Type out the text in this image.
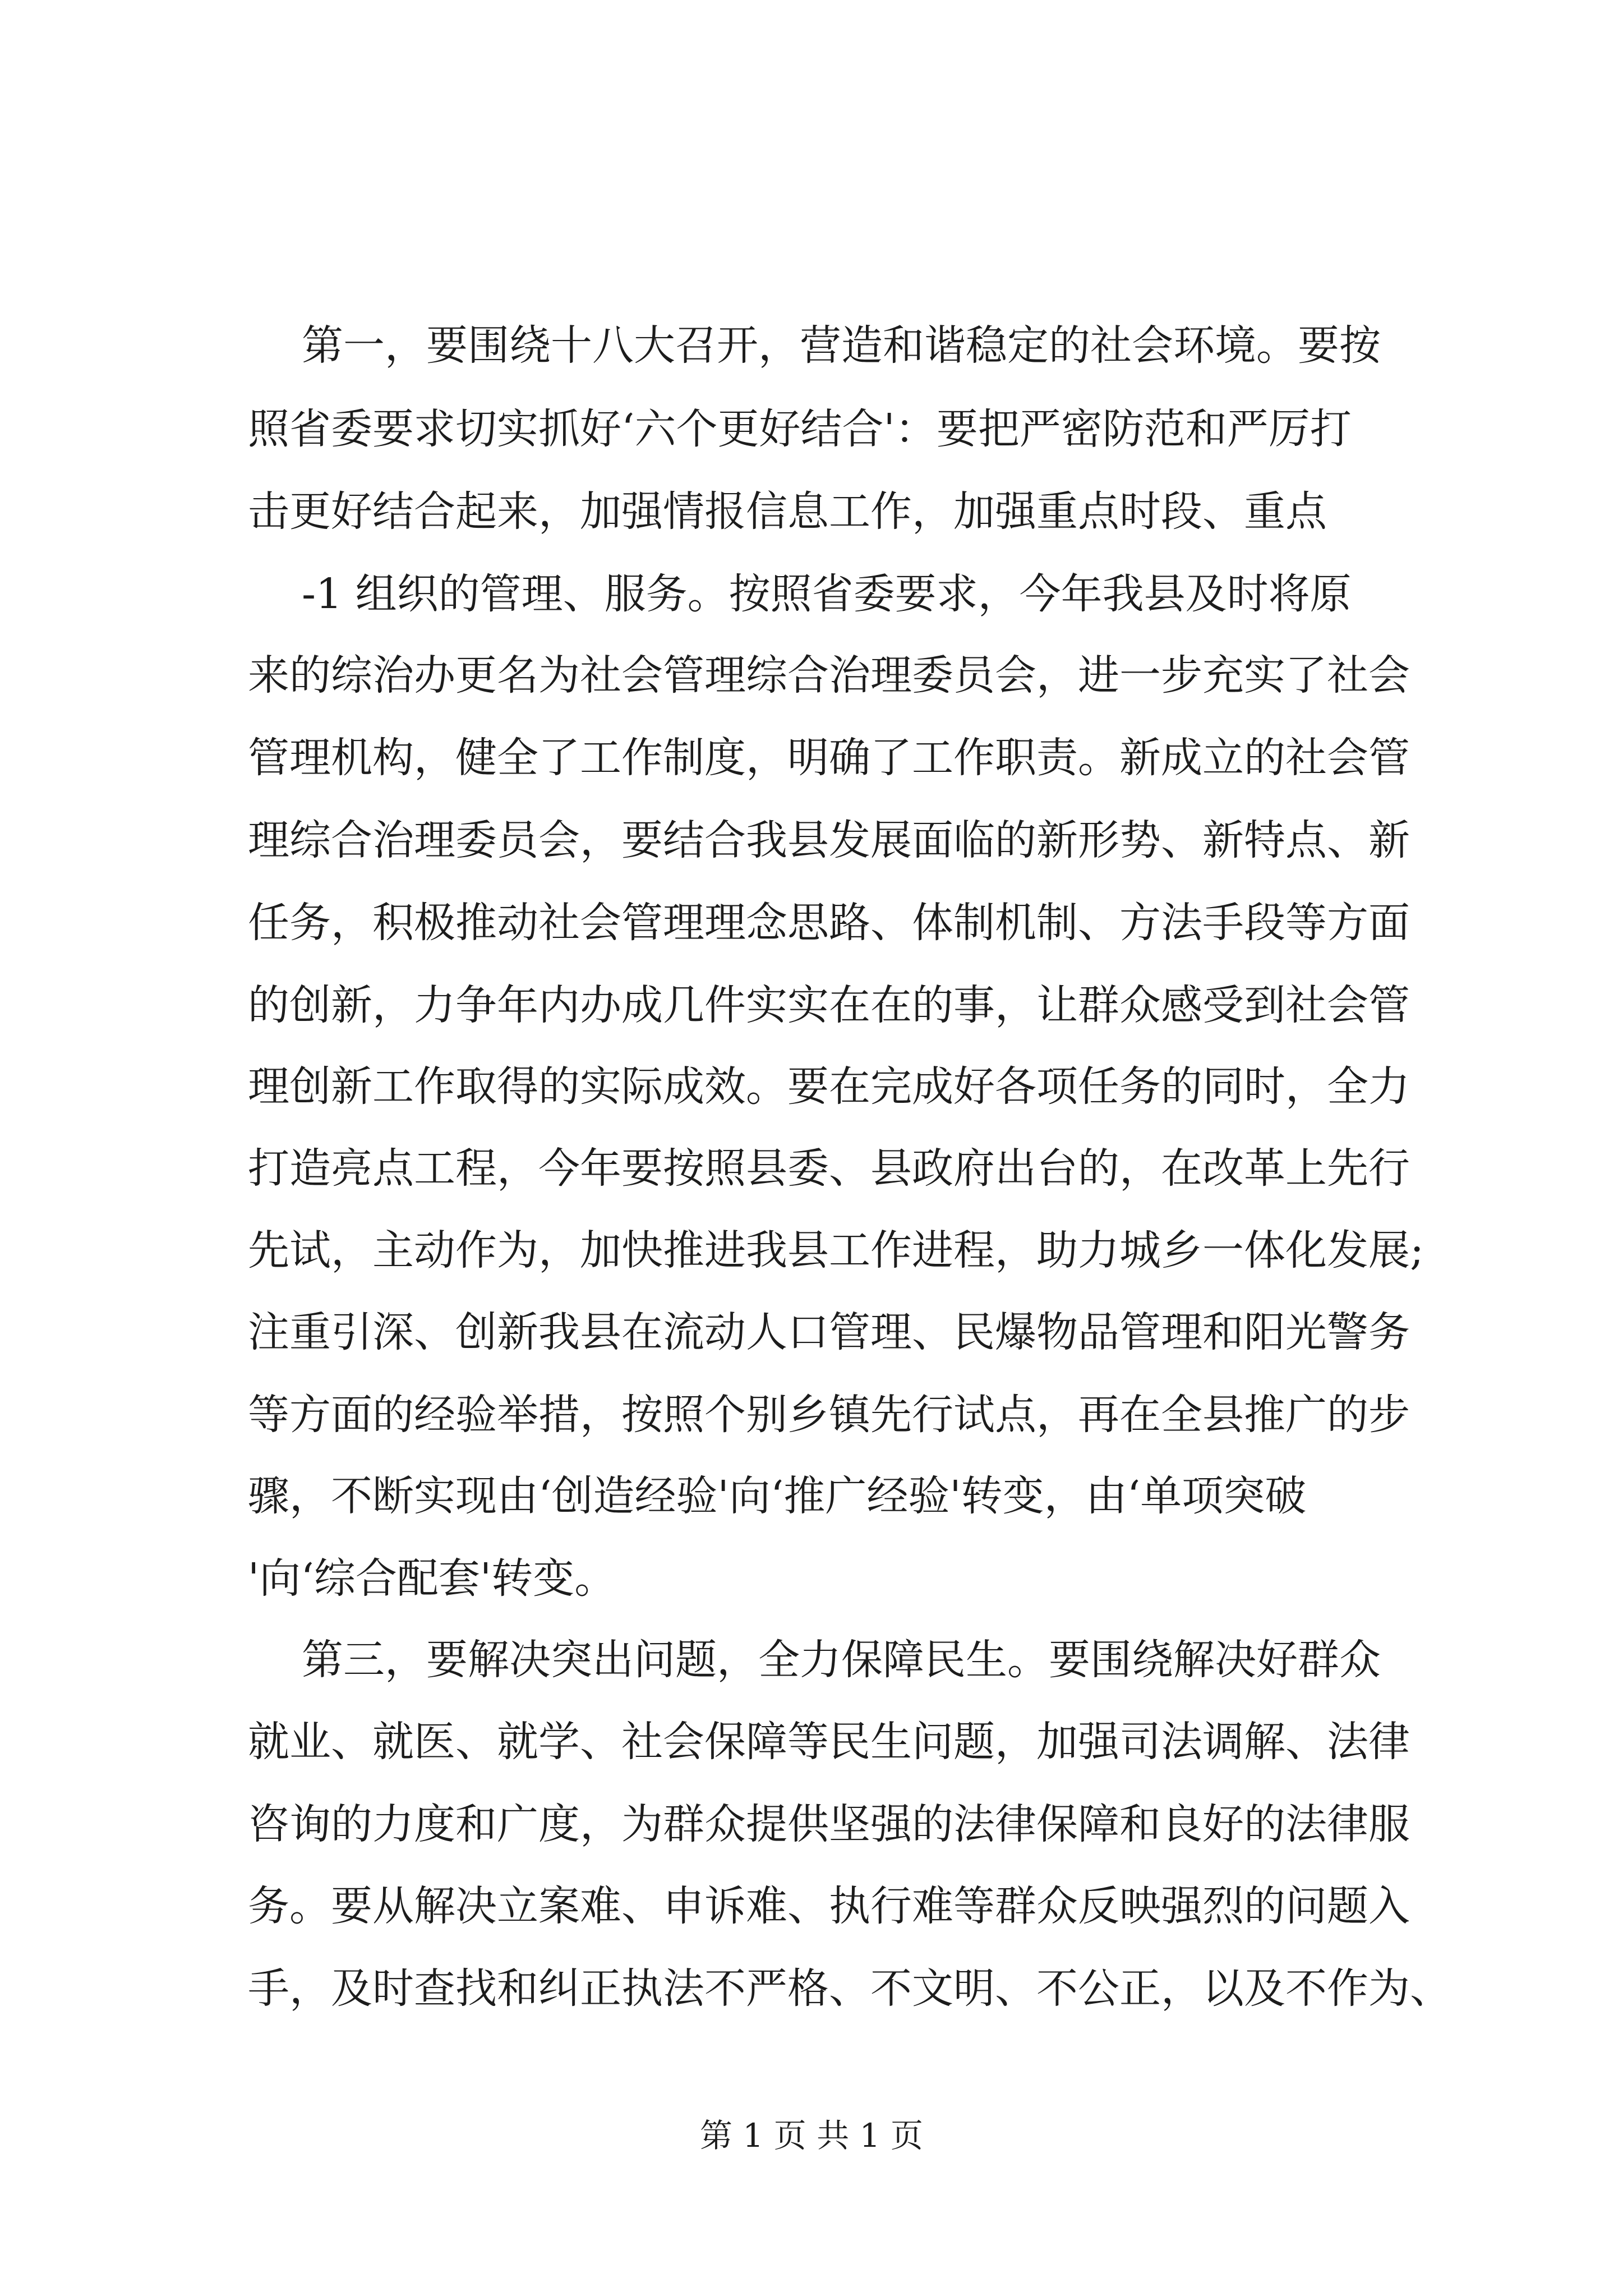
第一，要围绕十八大召开，营造和谐稳定的社会环境。要按
照省委要求切实抓好‘六个更好结合'：要把严密防范和严厉打
击更好结合起来，加强情报信息工作，加强重点时段、重点
-1 组织的管理、服务。按照省委要求，今年我县及时将原
来的综治办更名为社会管理综合治理委员会，进一步充实了社会
管理机构，健全了工作制度，明确了工作职责。新成立的社会管
理综合治理委员会，要结合我县发展面临的新形势、新特点、新
任务，积极推动社会管理理念思路、体制机制、方法手段等方面
的创新，力争年内办成几件实实在在的事，让群众感受到社会管
理创新工作取得的实际成效。要在完成好各项任务的同时，全力
打造亮点工程，今年要按照县委、县政府出台的，在改革上先行
先试，主动作为，加快推进我县工作进程，助力城乡一体化发展;
注重引深、创新我县在流动人口管理、民爆物品管理和阳光警务
等方面的经验举措，按照个别乡镇先行试点，再在全县推广的步
骤，不断实现由‘创造经验'向‘推广经验'转变，由‘单项突破
'向‘综合配套'转变。
第三，要解决突出问题，全力保障民生。要围绕解决好群众
就业、就医、就学、社会保障等民生问题，加强司法调解、法律
咨询的力度和广度，为群众提供坚强的法律保障和良好的法律服
务。要从解决立案难、申诉难、执行难等群众反映强烈的问题入
手，及时查找和纠正执法不严格、不文明、不公正，以及不作为、
第 1 页 共 1 页
